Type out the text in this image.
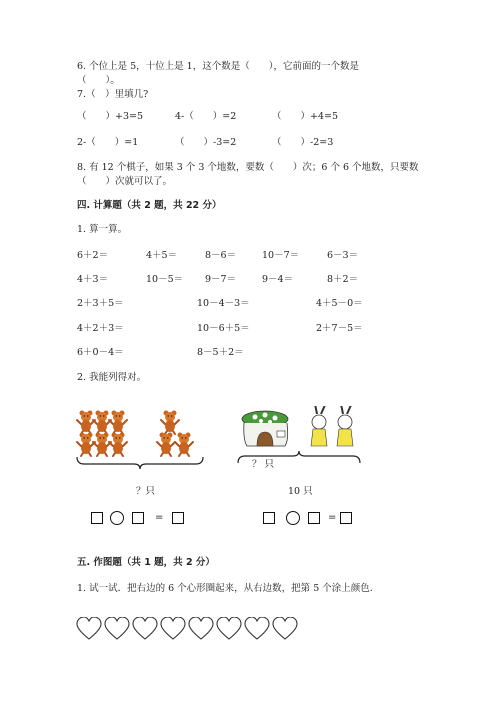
6. 个位上是 5，十位上是 1，这个数是（　　），它前面的一个数是
（　　）。
7.（　）里填几?
（　　）+3=5	4-（　　）=2	（　　）+4=5
2-（　　）=1	（　　）-3=2	（　　）-2=3
8. 有 12 个棋子，如果 3 个 3 个地数，要数（　　）次；6 个 6 个地数，只要数
（　　）次就可以了。
四. 计算题（共 2 题，共 22 分）
1. 算一算。
6＋2＝	4＋5＝	8－6＝	10－7＝	6－3＝
4＋3＝	10－5＝ 9－7＝	9－4＝	8＋2＝
2＋3＋5＝	10－4－3＝	4＋5－0＝
4＋2＋3＝	10－6＋5＝	2＋7－5＝
6＋0－4＝	8－5＋2＝
2. 我能列得对。
？只
？ 只
10 只
=	=
五. 作图题（共 1 题，共 2 分）
1. 试一试．把右边的 6 个心形圈起来，从右边数，把第 5 个涂上颜色．
